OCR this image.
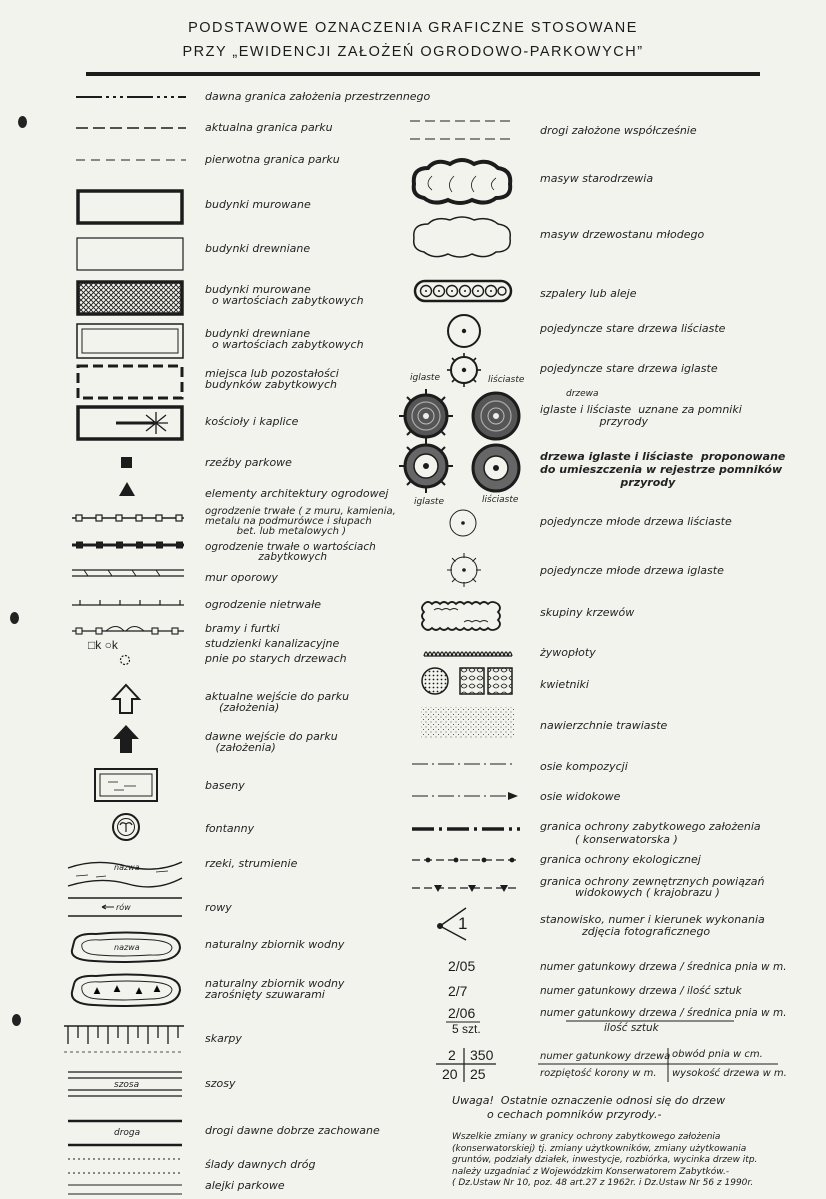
PODSTAWOWE OZNACZENIA GRAFICZNE STOSOWANE
PRZY „EWIDENCJI ZAŁOŻEŃ OGRODOWO-PARKOWYCH”
□k ○k
nazwa
rów
nazwa
szosa
droga
dawna granica założenia przestrzennego
aktualna granica parku
pierwotna granica parku
budynki murowane
budynki drewniane
budynki murowane
o wartościach zabytkowych
budynki drewniane
o wartościach zabytkowych
miejsca lub pozostałości
budynków zabytkowych
kościoły i kaplice
rzeźby parkowe
elementy architektury ogrodowej
ogrodzenie trwałe ( z muru, kamienia,
metalu na podmurówce i słupach
bet. lub metalowych )
ogrodzenie trwałe o wartościach
zabytkowych
mur oporowy
ogrodzenie nietrwałe
bramy i furtki
studzienki kanalizacyjne
pnie po starych drzewach
aktualne wejście do parku
(założenia)
dawne wejście do parku
(założenia)
baseny
fontanny
rzeki, strumienie
rowy
naturalny zbiornik wodny
naturalny zbiornik wodny
zarośnięty szuwarami
skarpy
szosy
drogi dawne dobrze zachowane
ślady dawnych dróg
alejki parkowe
iglaste	liściaste
iglaste	liściaste
1
drogi założone współcześnie
masyw starodrzewia
masyw drzewostanu młodego
szpalery lub aleje
pojedyncze stare drzewa liściaste
pojedyncze stare drzewa iglaste
drzewa
iglaste i liściaste  uznane za pomniki
przyrody
drzewa iglaste i liściaste  proponowane
do umieszczenia w rejestrze pomników
przyrody
pojedyncze młode drzewa liściaste
pojedyncze młode drzewa iglaste
skupiny krzewów
żywopłoty
kwietniki
nawierzchnie trawiaste
osie kompozycji
osie widokowe
granica ochrony zabytkowego założenia
( konserwatorska )
granica ochrony ekologicznej
granica ochrony zewnętrznych powiązań
widokowych ( krajobrazu )
stanowisko, numer i kierunek wykonania
zdjęcia fotograficznego
2/05	numer gatunkowy drzewa / średnica pnia w m.
2/7	numer gatunkowy drzewa / ilość sztuk
2/06
5 szt.
numer gatunkowy drzewa / średnica pnia w m.
ilość sztuk
2 350
20 25
numer gatunkowy drzewa obwód pnia w cm.
rozpiętość korony w m. wysokość drzewa w m.
Uwaga!  Ostatnie oznaczenie odnosi się do drzew
o cechach pomników przyrody.-
Wszelkie zmiany w granicy ochrony zabytkowego założenia
(konserwatorskiej) tj. zmiany użytkowników, zmiany użytkowania
gruntów, podziały działek, inwestycje, rozbiórka, wycinka drzew itp.
należy uzgadniać z Wojewódzkim Konserwatorem Zabytków.-
( Dz.Ustaw Nr 10, poz. 48 art.27 z 1962r. i Dz.Ustaw Nr 56 z 1990r.
